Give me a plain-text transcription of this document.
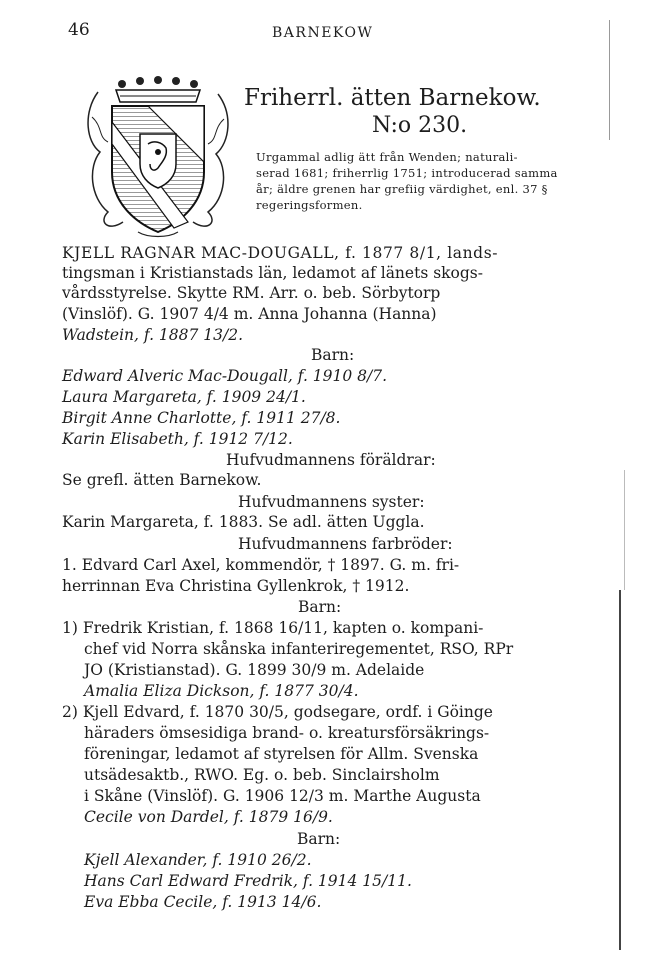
46	BARNEKOW
Friherrl. ätten Barnekow.
N:o 230.
Urgammal adlig ätt från Wenden; naturali-
serad 1681; friherrlig 1751; introducerad samma
år; äldre grenen har grefiig värdighet, enl. 37 §
regeringsformen.
KJELL RAGNAR MAC-DOUGALL, f. 1877 8/1, lands-
tingsman i Kristianstads län, ledamot af länets skogs-
vårdsstyrelse. Skytte RM. Arr. o. beb. Sörbytorp
(Vinslöf). G. 1907 4/4 m. Anna Johanna (Hanna)
Wadstein, f. 1887 13/2.
Barn:
Edward Alveric Mac-Dougall, f. 1910 8/7.
Laura Margareta, f. 1909 24/1.
Birgit Anne Charlotte, f. 1911 27/8.
Karin Elisabeth, f. 1912 7/12.
Hufvudmannens föräldrar:
Se grefl. ätten Barnekow.
Hufvudmannens syster:
Karin Margareta, f. 1883. Se adl. ätten Uggla.
Hufvudmannens farbröder:
1. Edvard Carl Axel, kommendör, † 1897. G. m. fri-
herrinnan Eva Christina Gyllenkrok, † 1912.
Barn:
1) Fredrik Kristian, f. 1868 16/11, kapten o. kompani-
chef vid Norra skånska infanteriregementet, RSO, RPr
JO (Kristianstad). G. 1899 30/9 m. Adelaide
Amalia Eliza Dickson, f. 1877 30/4.
2) Kjell Edvard, f. 1870 30/5, godsegare, ordf. i Göinge
häraders ömsesidiga brand- o. kreatursförsäkrings-
föreningar, ledamot af styrelsen för Allm. Svenska
utsädesaktb., RWO. Eg. o. beb. Sinclairsholm
i Skåne (Vinslöf). G. 1906 12/3 m. Marthe Augusta
Cecile von Dardel, f. 1879 16/9.
Barn:
Kjell Alexander, f. 1910 26/2.
Hans Carl Edward Fredrik, f. 1914 15/11.
Eva Ebba Cecile, f. 1913 14/6.
